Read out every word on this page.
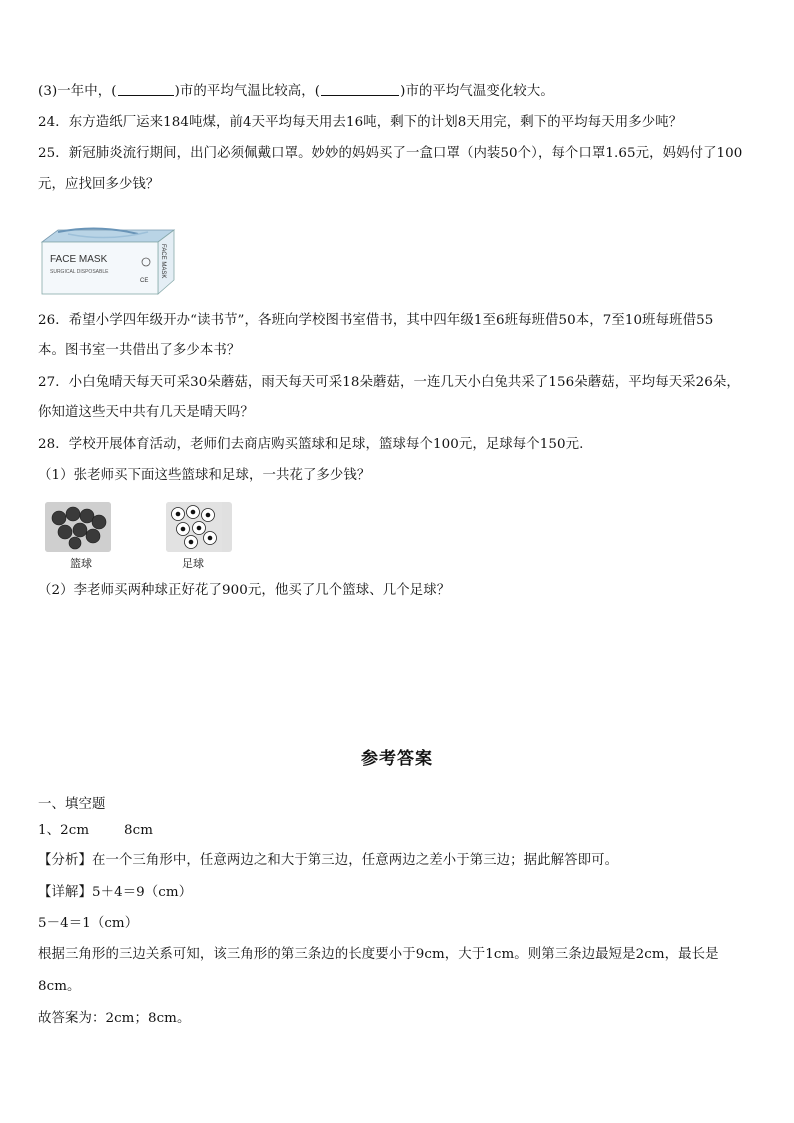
(3)一年中，(	)市的平均气温比较高，(	)市的平均气温变化较大。
24．东方造纸厂运来184吨煤，前4天平均每天用去16吨，剩下的计划8天用完，剩下的平均每天用多少吨？
25．新冠肺炎流行期间，出门必须佩戴口罩。妙妙的妈妈买了一盒口罩（内装50个），每个口罩1.65元，妈妈付了100
元，应找回多少钱？
FACE MASK
SURGICAL DISPOSABLE
CE
FACE MASK
26．希望小学四年级开办“读书节”，各班向学校图书室借书，其中四年级1至6班每班借50本，7至10班每班借55
本。图书室一共借出了多少本书？
27．小白兔晴天每天可采30朵蘑菇，雨天每天可采18朵蘑菇，一连几天小白兔共采了156朵蘑菇，平均每天采26朵，
你知道这些天中共有几天是晴天吗？
28．学校开展体育活动，老师们去商店购买篮球和足球，篮球每个100元，足球每个150元.
（1）张老师买下面这些篮球和足球，一共花了多少钱？
篮球	足球
（2）李老师买两种球正好花了900元，他买了几个篮球、几个足球？
参考答案
一、填空题
1、2cm        8cm
【分析】在一个三角形中，任意两边之和大于第三边，任意两边之差小于第三边；据此解答即可。
【详解】5＋4＝9（cm）
5－4＝1（cm）
根据三角形的三边关系可知，该三角形的第三条边的长度要小于9cm，大于1cm。则第三条边最短是2cm，最长是
8cm。
故答案为：2cm；8cm。
